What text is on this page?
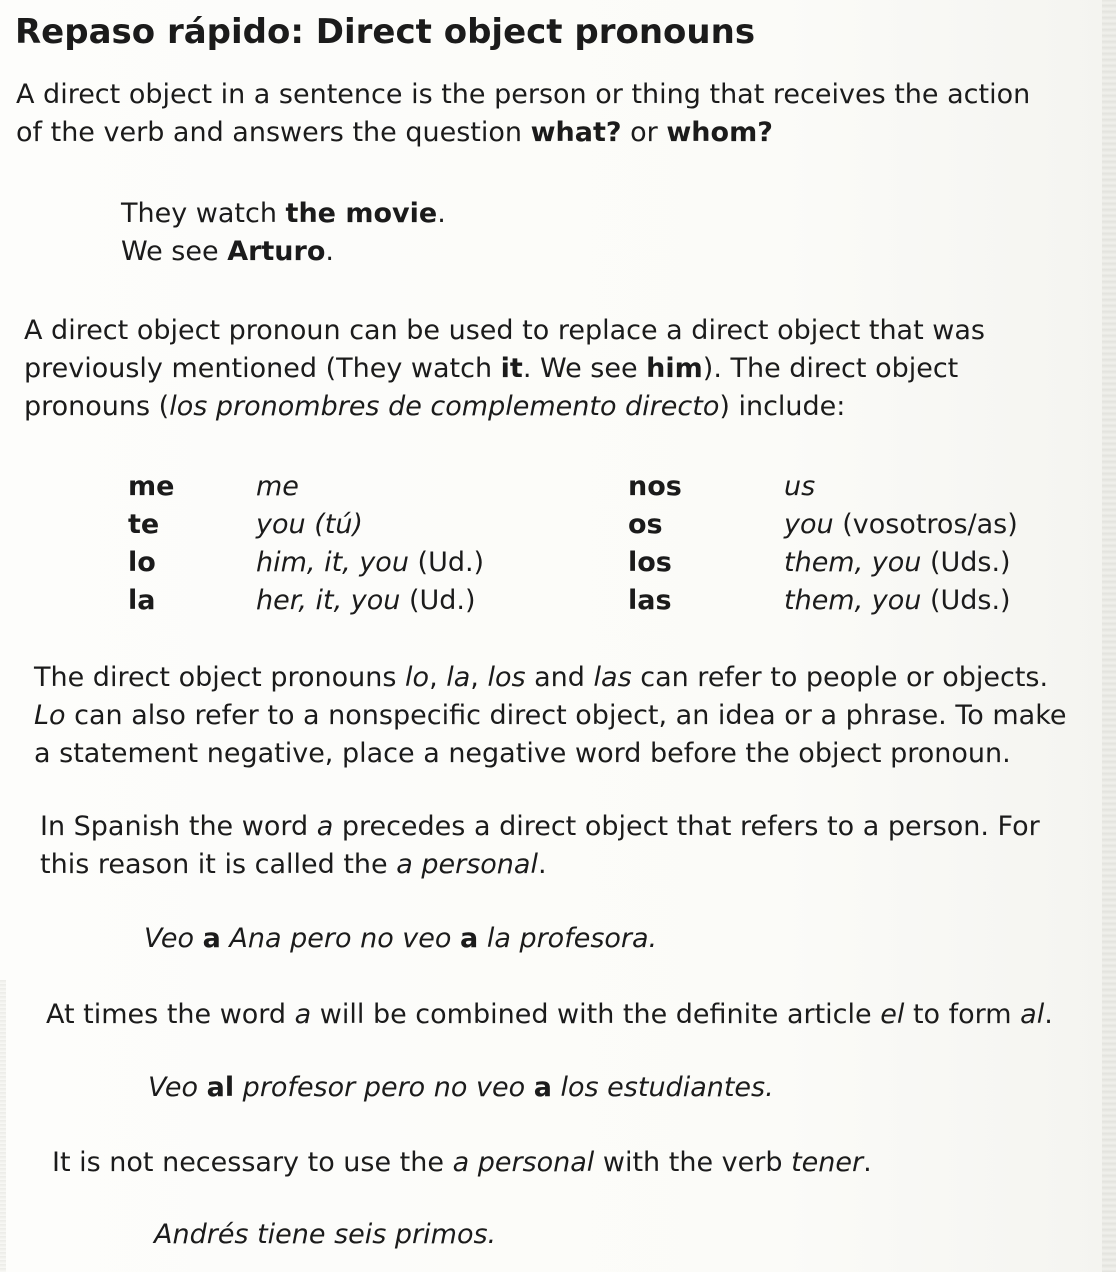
Repaso rápido: Direct object pronouns

A direct object in a sentence is the person or thing that receives the action
of the verb and answers the question what? or whom?

They watch the movie.
We see Arturo.

A direct object pronoun can be used to replace a direct object that was
previously mentioned (They watch it. We see him). The direct object
pronouns (los pronombres de complemento directo) include:

me
te
lo
la
me
you (tú)
him, it, you (Ud.)
her, it, you (Ud.)
nos
os
los
las
us
you (vosotros/as)
them, you (Uds.)
them, you (Uds.)

The direct object pronouns lo, la, los and las can refer to people or objects.
Lo can also refer to a nonspecific direct object, an idea or a phrase. To make
a statement negative, place a negative word before the object pronoun.

In Spanish the word a precedes a direct object that refers to a person. For
this reason it is called the a personal.

Veo a Ana pero no veo a la profesora.

At times the word a will be combined with the definite article el to form al.

Veo al profesor pero no veo a los estudiantes.

It is not necessary to use the a personal with the verb tener.

Andrés tiene seis primos.
